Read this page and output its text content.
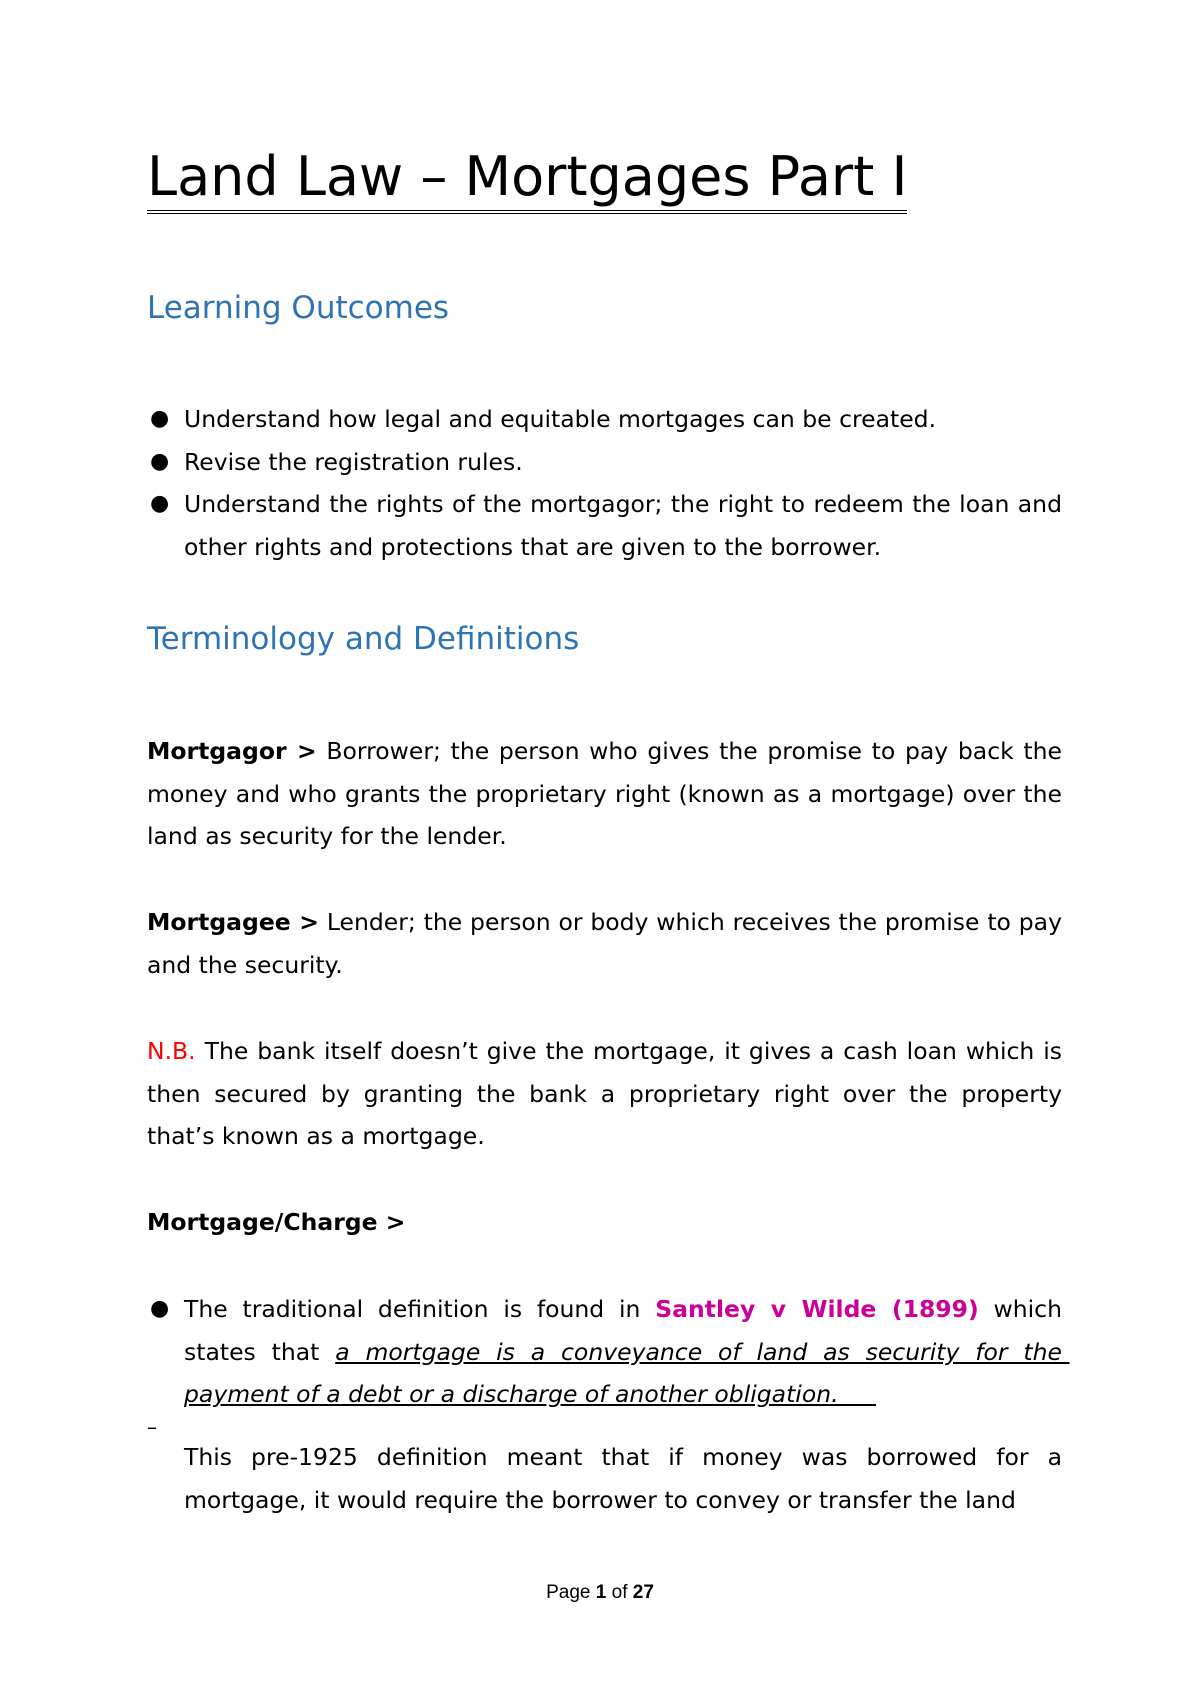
Land Law – Mortgages Part I
Learning Outcomes
● Understand how legal and equitable mortgages can be created.
● Revise the registration rules.
● Understand the rights of the mortgagor; the right to redeem the loan and other rights and protections that are given to the borrower.
Terminology and Definitions

Mortgagor > Borrower; the person who gives the promise to pay back the money and who grants the proprietary right (known as a mortgage) over the land as security for the lender.

Mortgagee > Lender; the person or body which receives the promise to pay and the security.

N.B. The bank itself doesn’t give the mortgage, it gives a cash loan which is then secured by granting the bank a proprietary right over the property that’s known as a mortgage.

Mortgage/Charge >

● The traditional definition is found in Santley v Wilde (1899) which states that a mortgage is a conveyance of land as security for the payment of a debt or a discharge of another obligation.
–

This pre-1925 definition meant that if money was borrowed for a mortgage, it would require the borrower to convey or transfer the land

Page 1 of 27
